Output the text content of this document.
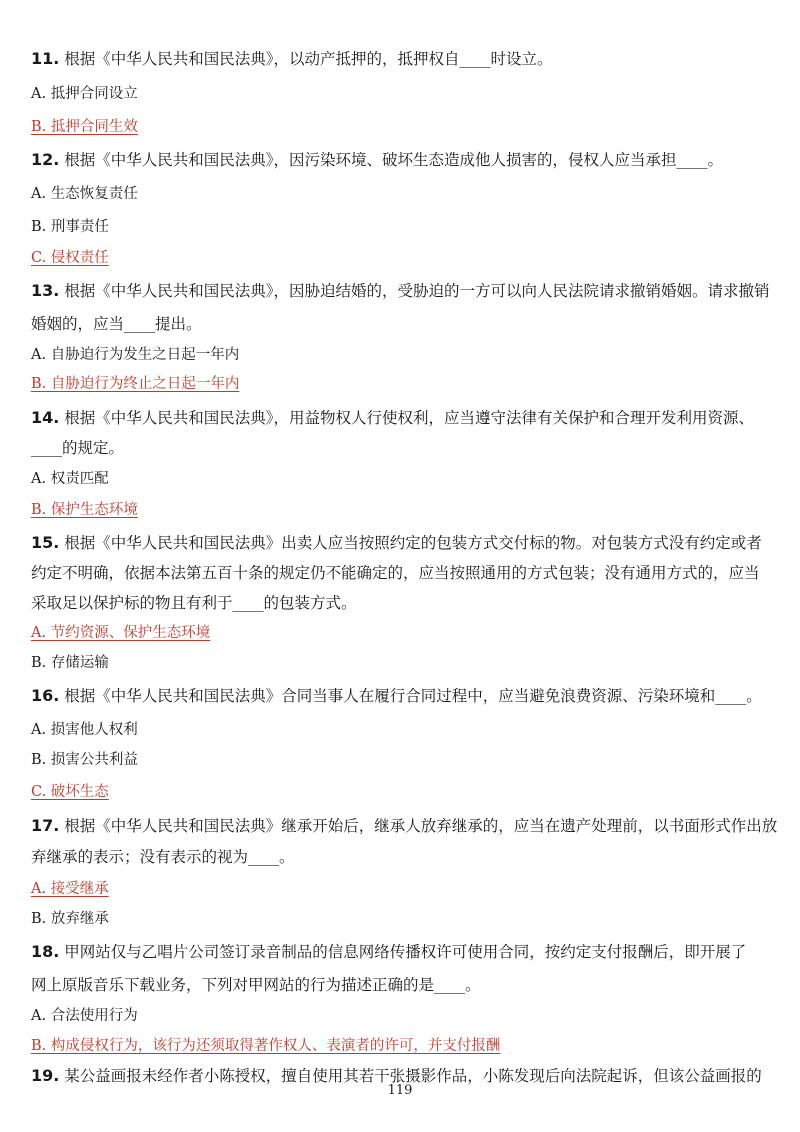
11. 根据《中华人民共和国民法典》，以动产抵押的，抵押权自____时设立。
A. 抵押合同设立
B. 抵押合同生效
12. 根据《中华人民共和国民法典》，因污染环境、破坏生态造成他人损害的，侵权人应当承担____。
A. 生态恢复责任
B. 刑事责任
C. 侵权责任
13. 根据《中华人民共和国民法典》，因胁迫结婚的，受胁迫的一方可以向人民法院请求撤销婚姻。请求撤销
婚姻的，应当____提出。
A. 自胁迫行为发生之日起一年内
B. 自胁迫行为终止之日起一年内
14. 根据《中华人民共和国民法典》，用益物权人行使权利，应当遵守法律有关保护和合理开发利用资源、
____的规定。
A. 权责匹配
B. 保护生态环境
15. 根据《中华人民共和国民法典》出卖人应当按照约定的包装方式交付标的物。对包装方式没有约定或者
约定不明确，依据本法第五百十条的规定仍不能确定的，应当按照通用的方式包装；没有通用方式的，应当
采取足以保护标的物且有利于____的包装方式。
A. 节约资源、保护生态环境
B. 存储运输
16. 根据《中华人民共和国民法典》合同当事人在履行合同过程中，应当避免浪费资源、污染环境和____。
A. 损害他人权利
B. 损害公共利益
C. 破坏生态
17. 根据《中华人民共和国民法典》继承开始后，继承人放弃继承的，应当在遗产处理前，以书面形式作出放
弃继承的表示；没有表示的视为____。
A. 接受继承
B. 放弃继承
18. 甲网站仅与乙唱片公司签订录音制品的信息网络传播权许可使用合同，按约定支付报酬后，即开展了
网上原版音乐下载业务，下列对甲网站的行为描述正确的是____。
A. 合法使用行为
B. 构成侵权行为，该行为还须取得著作权人、表演者的许可，并支付报酬
19. 某公益画报未经作者小陈授权，擅自使用其若干张摄影作品，小陈发现后向法院起诉，但该公益画报的
119
